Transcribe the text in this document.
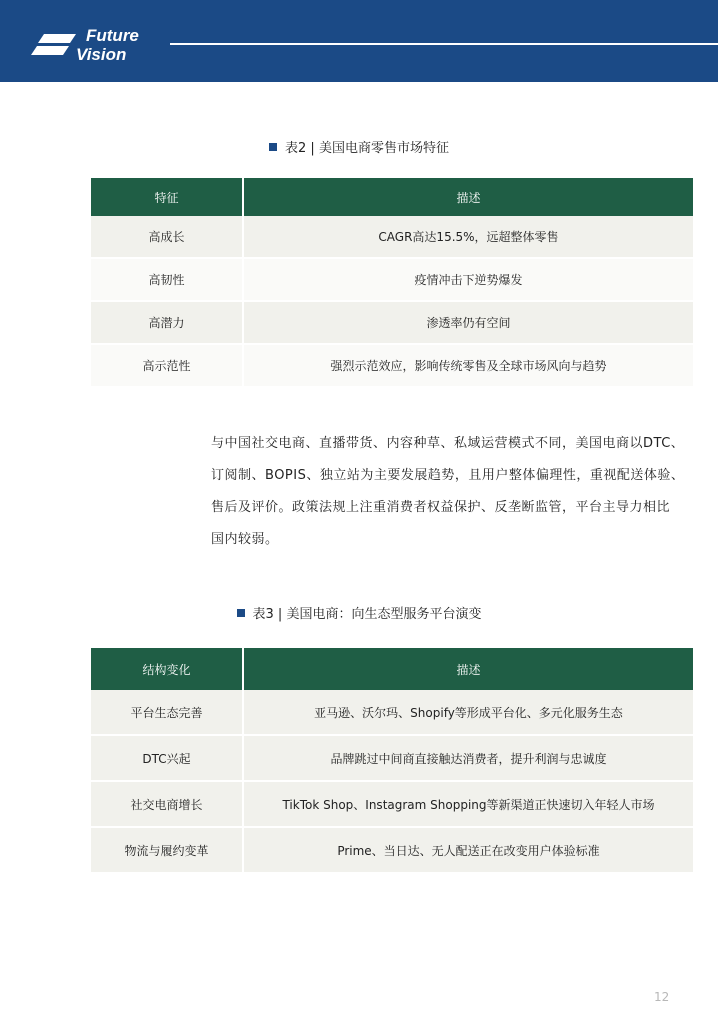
Future
Vision
表2 | 美国电商零售市场特征
特征	描述
高成长	CAGR高达15.5%，远超整体零售
高韧性	疫情冲击下逆势爆发
高潜力	渗透率仍有空间
高示范性	强烈示范效应，影响传统零售及全球市场风向与趋势
与中国社交电商、直播带货、内容种草、私域运营模式不同，美国电商以DTC、
订阅制、BOPIS、独立站为主要发展趋势，且用户整体偏理性，重视配送体验、
售后及评价。政策法规上注重消费者权益保护、反垄断监管，平台主导力相比
国内较弱。
表3 | 美国电商：向生态型服务平台演变
结构变化	描述
平台生态完善	亚马逊、沃尔玛、Shopify等形成平台化、多元化服务生态
DTC兴起	品牌跳过中间商直接触达消费者，提升利润与忠诚度
社交电商增长	TikTok Shop、Instagram Shopping等新渠道正快速切入年轻人市场
物流与履约变革	Prime、当日达、无人配送正在改变用户体验标准
12
